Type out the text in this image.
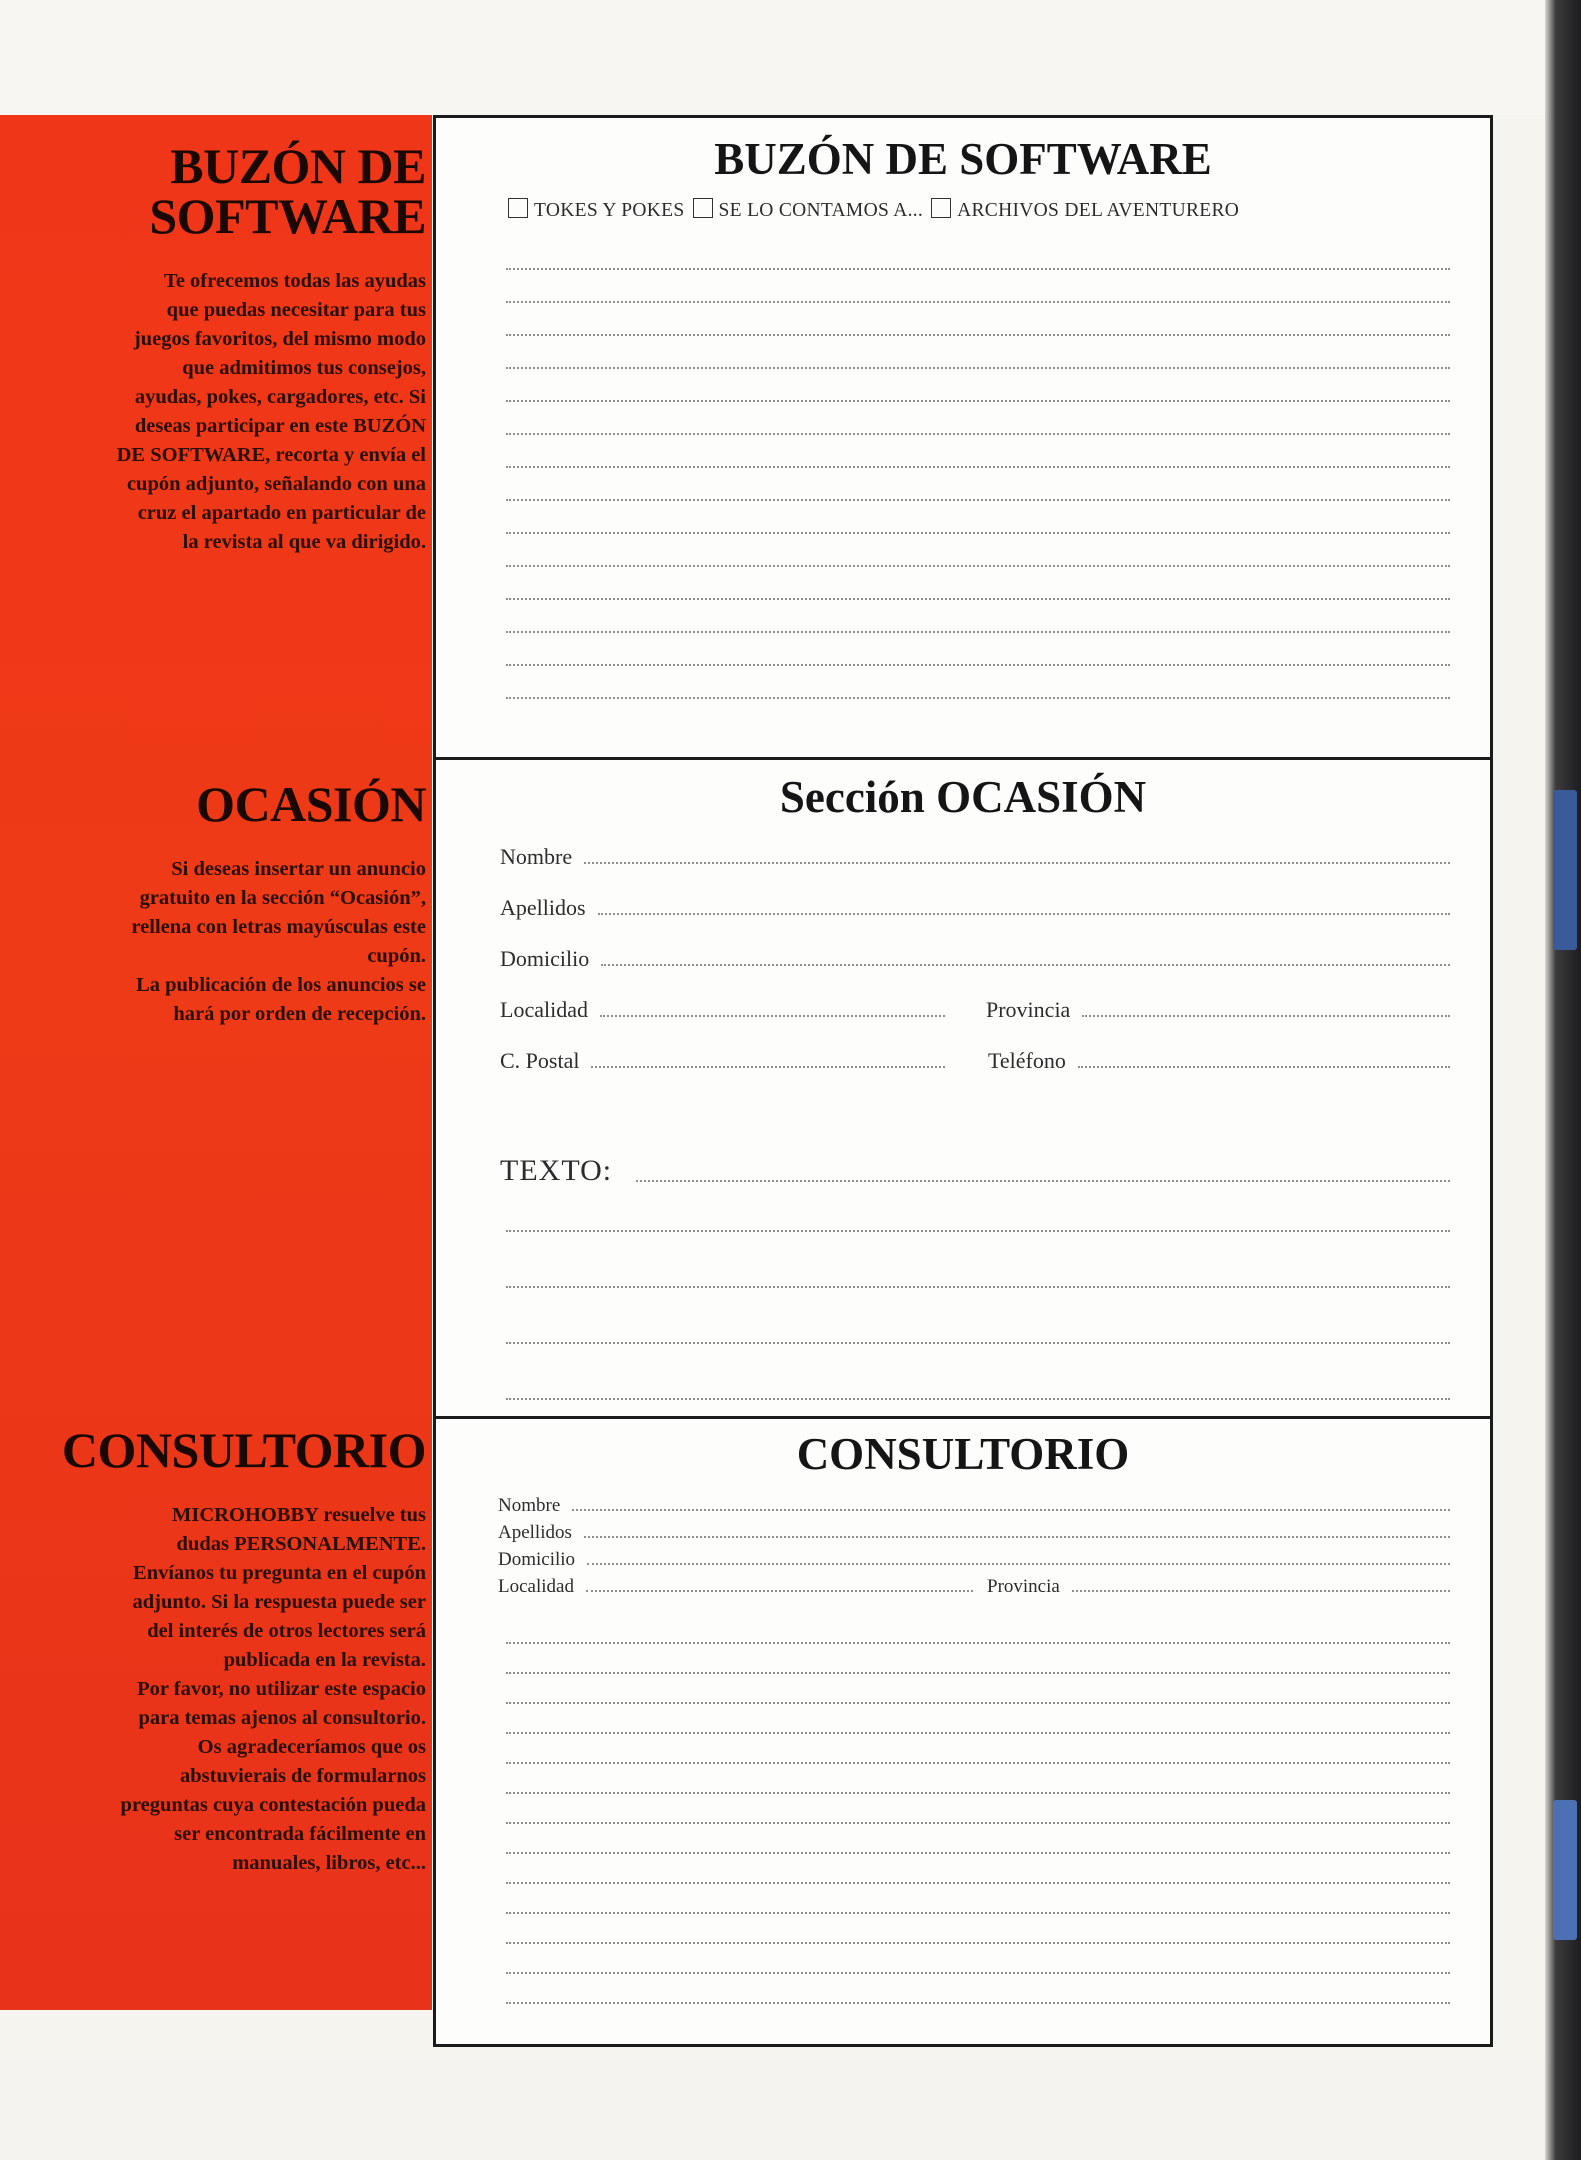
BUZÓN DE
SOFTWARE
Te ofrecemos todas las ayudas
que puedas necesitar para tus
juegos favoritos, del mismo modo
que admitimos tus consejos,
ayudas, pokes, cargadores, etc. Si
deseas participar en este BUZÓN
DE SOFTWARE, recorta y envía el
cupón adjunto, señalando con una
cruz el apartado en particular de
la revista al que va dirigido.
OCASIÓN
Si deseas insertar un anuncio
gratuito en la sección “Ocasión”,
rellena con letras mayúsculas este
cupón.
La publicación de los anuncios se
hará por orden de recepción.
CONSULTORIO
MICROHOBBY resuelve tus
dudas PERSONALMENTE.
Envíanos tu pregunta en el cupón
adjunto. Si la respuesta puede ser
del interés de otros lectores será
publicada en la revista.
Por favor, no utilizar este espacio
para temas ajenos al consultorio.
Os agradeceríamos que os
abstuvierais de formularnos
preguntas cuya contestación pueda
ser encontrada fácilmente en
manuales, libros, etc...
BUZÓN DE SOFTWARE
TOKES Y POKES SE LO CONTAMOS A... ARCHIVOS DEL AVENTURERO
Sección OCASIÓN
Nombre
Apellidos
Domicilio
Localidad	Provincia
C. Postal	Teléfono
TEXTO:
CONSULTORIO
Nombre
Apellidos
Domicilio
Localidad	Provincia
